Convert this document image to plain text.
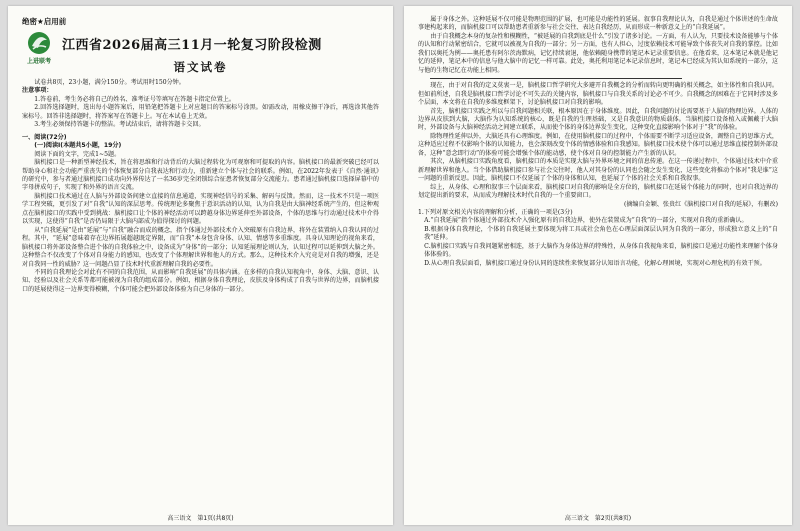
绝密★启用前
上进联考
江西省2026届高三11月一轮复习阶段检测
语文试卷

试卷共8页，23小题，满分150分。考试用时150分钟。

注意事项：

1.答卷前，考生务必将自己的姓名、准考证号等填写在答题卡指定位置上。

2.回答选择题时，选出每小题答案后，用铅笔把答题卡上对应题目的答案标号涂黑。如需改动，用橡皮擦干净后，再选涂其他答案标号。回答非选择题时，将答案写在答题卡上。写在本试卷上无效。

3.考生必须保持答题卡的整洁。考试结束后，请将答题卡交回。

一、阅读(72分)

(一)阅读Ⅰ(本题共5小题，19分)

阅读下面的文字，完成1~5题。

脑机接口是一种新型神经技术，旨在将思维和行动背后的大脑过程转化为可观察和可提取的内容。脑机接口的最新突破已经可以帮助身心和社会功能严重丧失的个体恢复部分自我表达和行动力，重新建立个体与社会的联系。例如，在2022年发表于《自然·通讯》的研究中，参与者通过脑机接口成功向外界传达了一名36岁完全闭锁综合征患者恢复部分交流能力。患者通过脑机接口选择屏幕中的字母拼成句子，实现了和外界的语言交流。

脑机接口技术通过在人脑与外部设备间建立直接的信息通道，实现神经信号的采集、解码与反馈。然而，这一技术不只是一项医学工程突破，更引发了对“自我”认知的深层思考。传统理论多聚焦于意识活动的认知，认为自我是由大脑神经系统产生的，但这种观点在脑机接口的实践中受到挑战：脑机接口让个体的神经活动可以跨越身体边界延伸至外部设备，个体的思维与行动通过技术中介得以实现，这使得“自我”是否仍局限于大脑内部成为值得探讨的问题。

从“自我延展”是由“延展”与“自我”融合而成的概念，指个体通过外部技术介入突破原有自我边界，将外在装置纳入自我认同的过程。其中，“延展”意味着存在边界拓展超越既定界限，而“自我”本身包含身体、认知、情感等多重维度。具身认知理论的视角来看，脑机接口将外部设备整合进个体的自我体验之中，设备成为“身体”的一部分；认知延展理论则认为，认知过程可以延伸到大脑之外。这种整合不仅改变了个体对自身能力的感知，也改变了个体理解世界和他人的方式。那么，这种技术介入究竟是对自我的增强，还是对自我同一性的威胁？这一问题凸显了技术时代重新理解自我的必要性。

不同的自我理论会对此有不同的自我范围，从而影响“自我延展”的具体内涵。在多样的自我认知视角中，身体、大脑、意识、认知、经验以及社会关系等都可能被视为自我的组成部分。例如，根据身体自我理论，皮肤及身体构成了自我与世界的边界，而脑机接口的延展使得这一边界变得模糊，个体可能会把外部设备体验为自己身体的一部分。

高三语文　第1页(共8页)

属于身体之外。这种延展不仅可能是物理范围的扩展，也可能是功能性的延展。叙事自我理论认为，自我是通过个体讲述的生命故事建构起来的，而脑机接口可以帮助患者重新参与社会交往、表达自我经历，从而形成一种新意义上的“自我延展”。

由于自我概念本身的复杂性和模糊性，“被延展的自我到底是什么”引发了诸多讨论。一方面，有人认为，只要技术设备能够与个体的认知和行动紧密结合，它就可以被视为自我的一部分；另一方面，也有人担心，过度依赖技术可能导致个体丧失对自我的掌控。比如我们以奥托为例——奥托患有阿尔茨海默病，记忆持续衰退，他依赖随身携带的笔记本记录重要信息。在他看来，这本笔记本就是他记忆的延伸，笔记本中的信息与他大脑中的记忆一样可靠。此处，奥托利用笔记本记录信息时，笔记本已经成为其认知系统的一部分，这与他的生物记忆在功能上相同。

现在，由于对自我的定义莫衷一是，脑机接口哲学研究大多避开自我概念的分析而转向更明确的相关概念，如主体性和自我认同。但如前所述，自我是脑机接口哲学讨论不可失去的关键内容，脑机接口与自我关系的讨论必不可少。自我概念的困难在于它同时涉及多个层面，本文将在自我的多维度框架下，讨论脑机接口对自我的影响。

首先，脑机接口实践之所以与自我问题相关联，根本原因在于身体维度。因此，自我问题的讨论需要基于人脑的物理边界。人体的边界从皮肤到大脑，大脑作为认知系统的核心，既是自我的生理基础，又是自我意识的物质载体。当脑机接口设备植入或佩戴于大脑时，外部设备与大脑神经活动之间建立联系，从而使个体的身体边界发生变化，这种变化直接影响个体对于“我”的体验。

除物理性延伸以外，大脑还具有心理维度。例如，在使用脑机接口的过程中，个体需要不断学习适应设备，调整自己的思维方式，这种适应过程不仅影响个体的认知能力，也会深刻改变个体的情感体验和自我感知。脑机接口技术使个体可以通过思维直接控制外部设备，这种“意念即行动”的体验可能会增强个体的能动感，使个体对自身的控制能力产生新的认识。

其次，从脑机接口实践角度看，脑机接口的本质是实现大脑与外界环境之间的信息传递。在这一传递过程中，个体通过技术中介重新理解世界和他人。当个体借助脑机接口参与社会交往时，他人对其身份的认同也会随之发生变化，这些变化将推动个体对“我是谁”这一问题的重新反思。因此，脑机接口不仅延展了个体的身体和认知，也延展了个体的社会关系和自我叙事。

综上，从身体、心理和叙事三个层面来看，脑机接口对自我的影响是全方位的，脑机接口在延展个体能力的同时，也对自我边界的划定提出新的要求，从而成为理解技术时代自我的一个重要窗口。

(摘编自金颖、张贵红《脑机接口对自我的延展》，有删改)

1.下列对原文相关内容的理解和分析，正确的一项是(3分)

A.“自我延展”指个体通过外部技术介入强化原有的自我边界，使外在装置成为“自我”的一部分，实现对自我的重新确认。

B.根据身体自我理论，个体的自我延展主要体现为将工具或社会角色在心理层面深层认同为自我的一部分，形成独立意义上的“自我”延伸。

C.脑机接口实践与自我问题紧密相连，基于大脑作为身体边界的特殊性，从身体自我视角来看，脑机接口是通过功能性来理解个体身体体验的。

D.从心理自我层面看，脑机接口通过身份认同的连续性来恢复部分认知语言功能，化解心理困境，实现对心理危机的有效干预。

高三语文　第2页(共8页)
